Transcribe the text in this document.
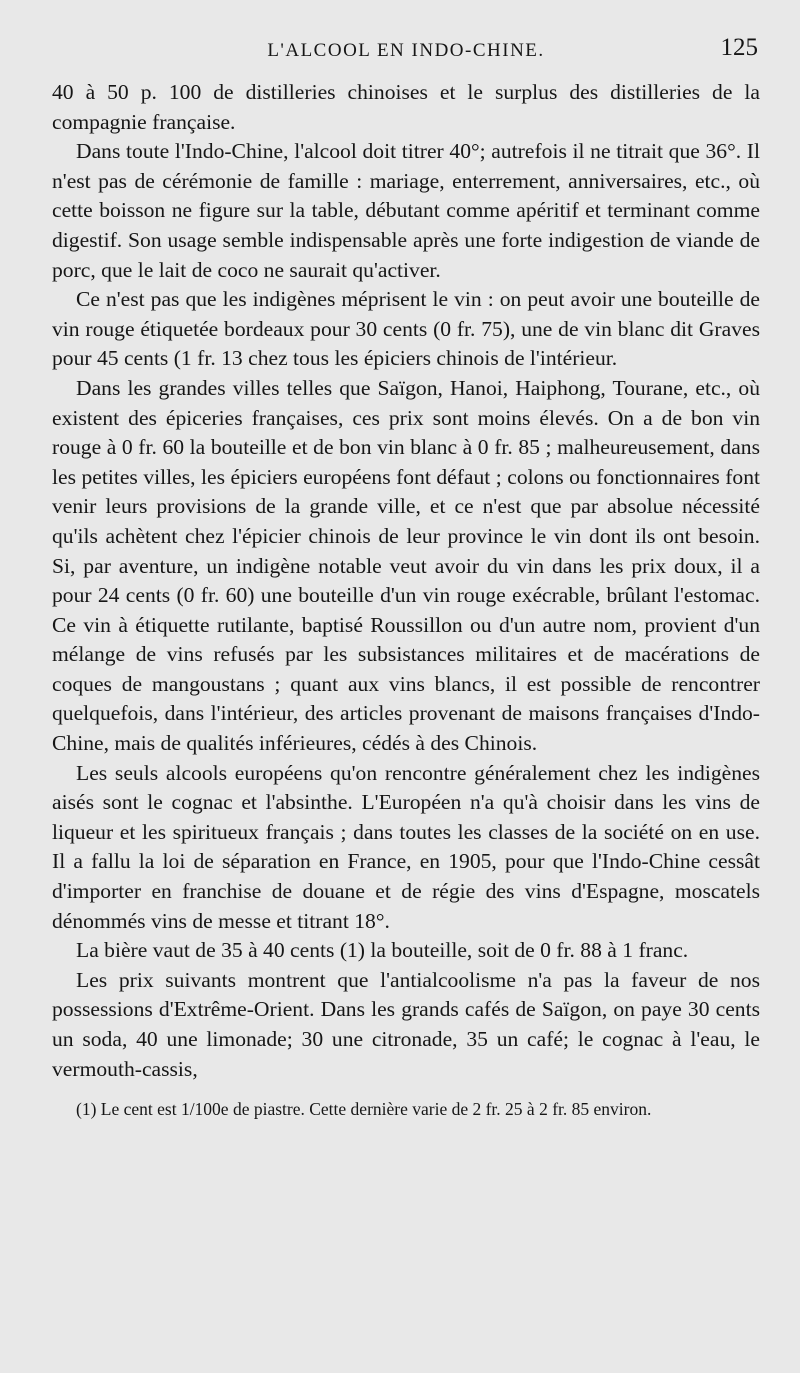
L'ALCOOL EN INDO-CHINE.	125

40 à 50 p. 100 de distilleries chinoises et le surplus des distilleries de la compagnie française.

Dans toute l'Indo-Chine, l'alcool doit titrer 40°; autrefois il ne titrait que 36°. Il n'est pas de cérémonie de famille : mariage, enterrement, anniversaires, etc., où cette boisson ne figure sur la table, débutant comme apéritif et terminant comme digestif. Son usage semble indispensable après une forte indigestion de viande de porc, que le lait de coco ne saurait qu'activer.

Ce n'est pas que les indigènes méprisent le vin : on peut avoir une bouteille de vin rouge étiquetée bordeaux pour 30 cents (0 fr. 75), une de vin blanc dit Graves pour 45 cents (1 fr. 13 chez tous les épiciers chinois de l'intérieur.

Dans les grandes villes telles que Saïgon, Hanoi, Haiphong, Tourane, etc., où existent des épiceries françaises, ces prix sont moins élevés. On a de bon vin rouge à 0 fr. 60 la bouteille et de bon vin blanc à 0 fr. 85 ; malheureusement, dans les petites villes, les épiciers européens font défaut ; colons ou fonctionnaires font venir leurs provisions de la grande ville, et ce n'est que par absolue nécessité qu'ils achètent chez l'épicier chinois de leur province le vin dont ils ont besoin. Si, par aventure, un indigène notable veut avoir du vin dans les prix doux, il a pour 24 cents (0 fr. 60) une bouteille d'un vin rouge exécrable, brûlant l'estomac. Ce vin à étiquette rutilante, baptisé Roussillon ou d'un autre nom, provient d'un mélange de vins refusés par les subsistances militaires et de macérations de coques de mangoustans ; quant aux vins blancs, il est possible de rencontrer quelquefois, dans l'intérieur, des articles provenant de maisons françaises d'Indo-Chine, mais de qualités inférieures, cédés à des Chinois.

Les seuls alcools européens qu'on rencontre généralement chez les indigènes aisés sont le cognac et l'absinthe. L'Européen n'a qu'à choisir dans les vins de liqueur et les spiritueux français ; dans toutes les classes de la société on en use. Il a fallu la loi de séparation en France, en 1905, pour que l'Indo-Chine cessât d'importer en franchise de douane et de régie des vins d'Espagne, moscatels dénommés vins de messe et titrant 18°.

La bière vaut de 35 à 40 cents (1) la bouteille, soit de 0 fr. 88 à 1 franc.

Les prix suivants montrent que l'antialcoolisme n'a pas la faveur de nos possessions d'Extrême-Orient. Dans les grands cafés de Saïgon, on paye 30 cents un soda, 40 une limonade; 30 une citronade, 35 un café; le cognac à l'eau, le vermouth-cassis,

(1) Le cent est 1/100e de piastre. Cette dernière varie de 2 fr. 25 à 2 fr. 85 environ.
